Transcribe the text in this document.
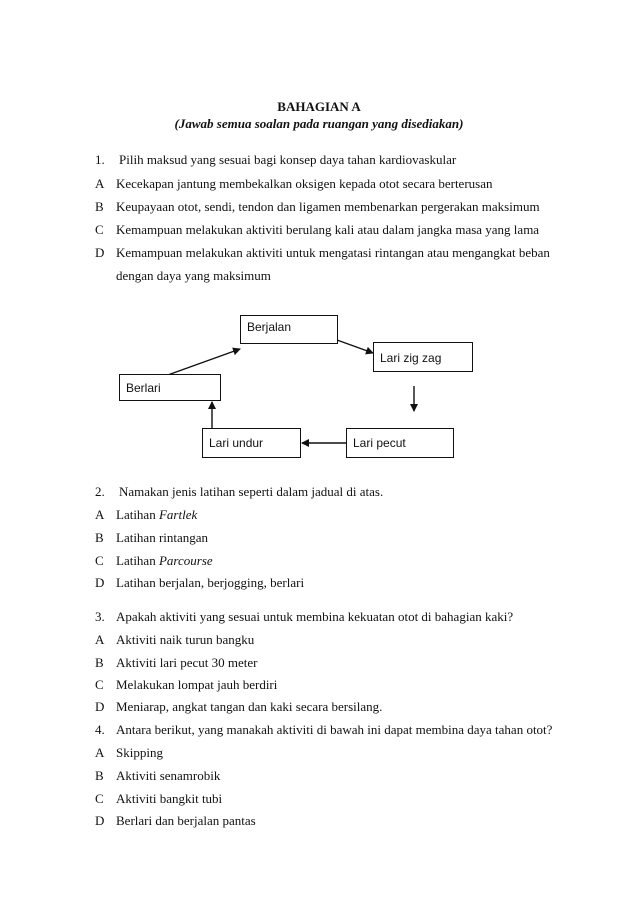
BAHAGIAN A
(Jawab semua soalan pada ruangan yang disediakan)
1. Pilih maksud yang sesuai bagi konsep daya tahan kardiovaskular
A Kecekapan jantung membekalkan oksigen kepada otot secara berterusan
B Keupayaan otot, sendi, tendon dan ligamen membenarkan pergerakan maksimum
C Kemampuan melakukan aktiviti berulang kali atau dalam jangka masa yang lama
D Kemampuan melakukan aktiviti untuk mengatasi rintangan atau mengangkat beban
dengan daya yang maksimum
Berjalan
Lari zig zag
Berlari
Lari undur	Lari pecut
2. Namakan jenis latihan seperti dalam jadual di atas.
A Latihan Fartlek
B Latihan rintangan
C Latihan Parcourse
D Latihan berjalan, berjogging, berlari
3. Apakah aktiviti yang sesuai untuk membina kekuatan otot di bahagian kaki?
A Aktiviti naik turun bangku
B Aktiviti lari pecut 30 meter
C Melakukan lompat jauh berdiri
D Meniarap, angkat tangan dan kaki secara bersilang.
4. Antara berikut, yang manakah aktiviti di bawah ini dapat membina daya tahan otot?
A Skipping
B Aktiviti senamrobik
C Aktiviti bangkit tubi
D Berlari dan berjalan pantas
